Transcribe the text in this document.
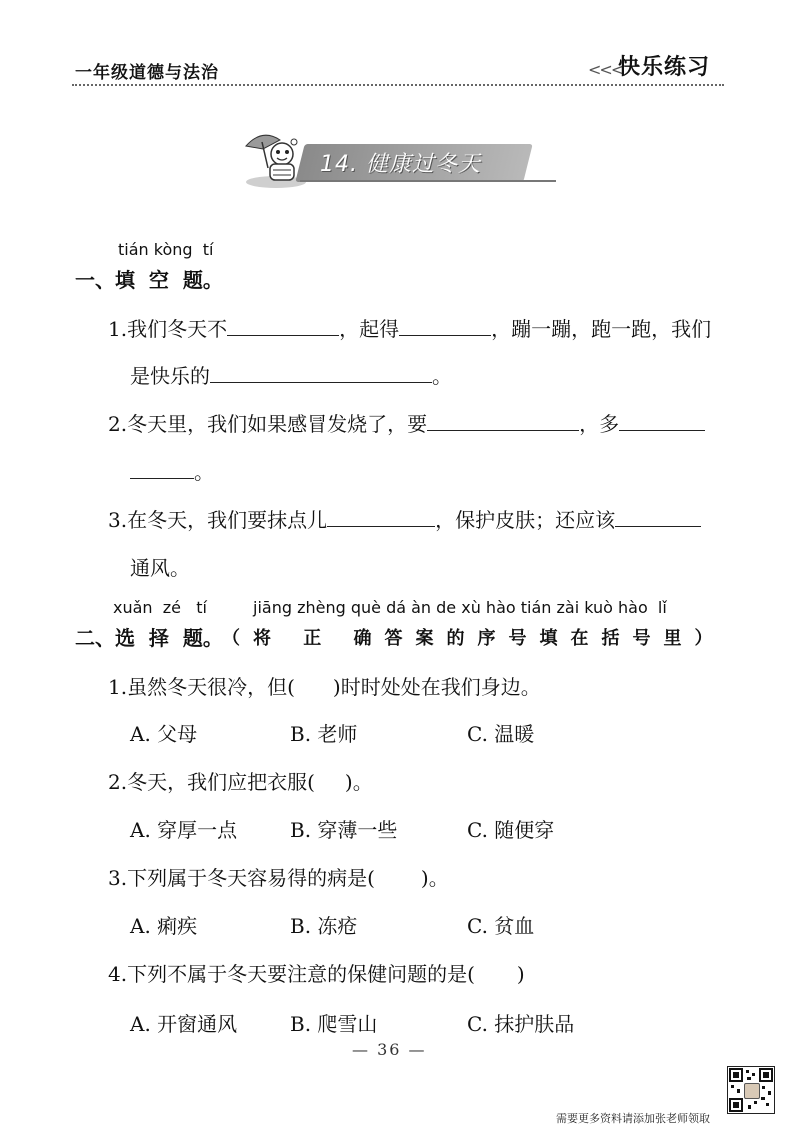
一年级道德与法治	<<<
快乐练习
14. 健康过冬天
tián kòng  tí
一、填  空  题。
1.我们冬天不	，起得	，蹦一蹦，跑一跑，我们
是快乐的	。
2.冬天里，我们如果感冒发烧了，要	，多
。
3.在冬天，我们要抹点儿	，保护皮肤；还应该
通风。
xuǎn  zé   tí	jiāng zhèng què dá àn de xù hào tián zài kuò hào  lǐ
二、选  择  题。 （将 正 确答案的序号填在括号里）
1.虽然冬天很冷，但( )时时处处在我们身边。
A. 父母	B. 老师	C. 温暖
2.冬天，我们应把衣服( )。
A. 穿厚一点	B. 穿薄一些	C. 随便穿
3.下列属于冬天容易得的病是( )。
A. 痢疾	B. 冻疮	C. 贫血
4.下列不属于冬天要注意的保健问题的是( )
A. 开窗通风	B. 爬雪山	C. 抹护肤品
— 36 —
需要更多资料请添加张老师领取
